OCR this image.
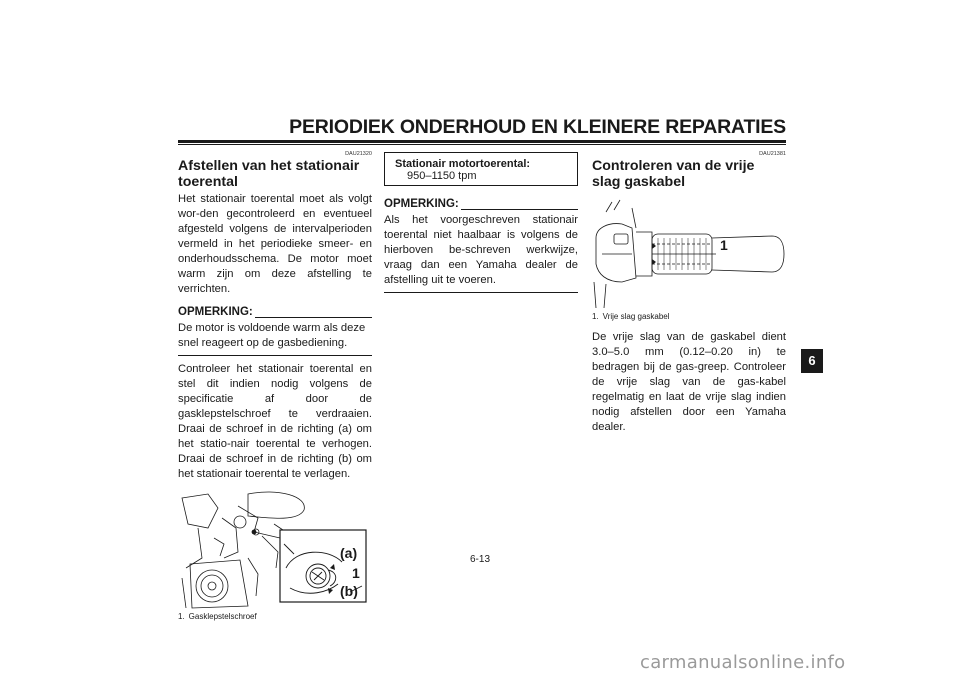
PERIODIEK ONDERHOUD EN KLEINERE REPARATIES
DAU21320
Afstellen van het stationair toerental

Het stationair toerental moet als volgt wor-den gecontroleerd en eventueel afgesteld volgens de intervalperioden vermeld in het periodieke smeer- en onderhoudsschema. De motor moet warm zijn om deze afstelling te verrichten.

OPMERKING:
De motor is voldoende warm als deze snel reageert op de gasbediening.

Controleer het stationair toerental en stel dit indien nodig volgens de specificatie af door de gasklepstelschroef te verdraaien. Draai de schroef in de richting (a) om het statio-nair toerental te verhogen. Draai de schroef in de richting (b) om het stationair toerental te verlagen.

(a)
1
(b)
1. Gasklepstelschroef
Stationair motortoerental:
950–1150 tpm
OPMERKING:
Als het voorgeschreven stationair toerental niet haalbaar is volgens de hierboven be-schreven werkwijze, vraag dan een Yamaha dealer de afstelling uit te voeren.
DAU21381
Controleren van de vrije slag gaskabel
1
1. Vrije slag gaskabel

De vrije slag van de gaskabel dient 3.0–5.0 mm (0.12–0.20 in) te bedragen bij de gas-greep. Controleer de vrije slag van de gas-kabel regelmatig en laat de vrije slag indien nodig afstellen door een Yamaha dealer.

6-13
6
carmanualsonline.info
